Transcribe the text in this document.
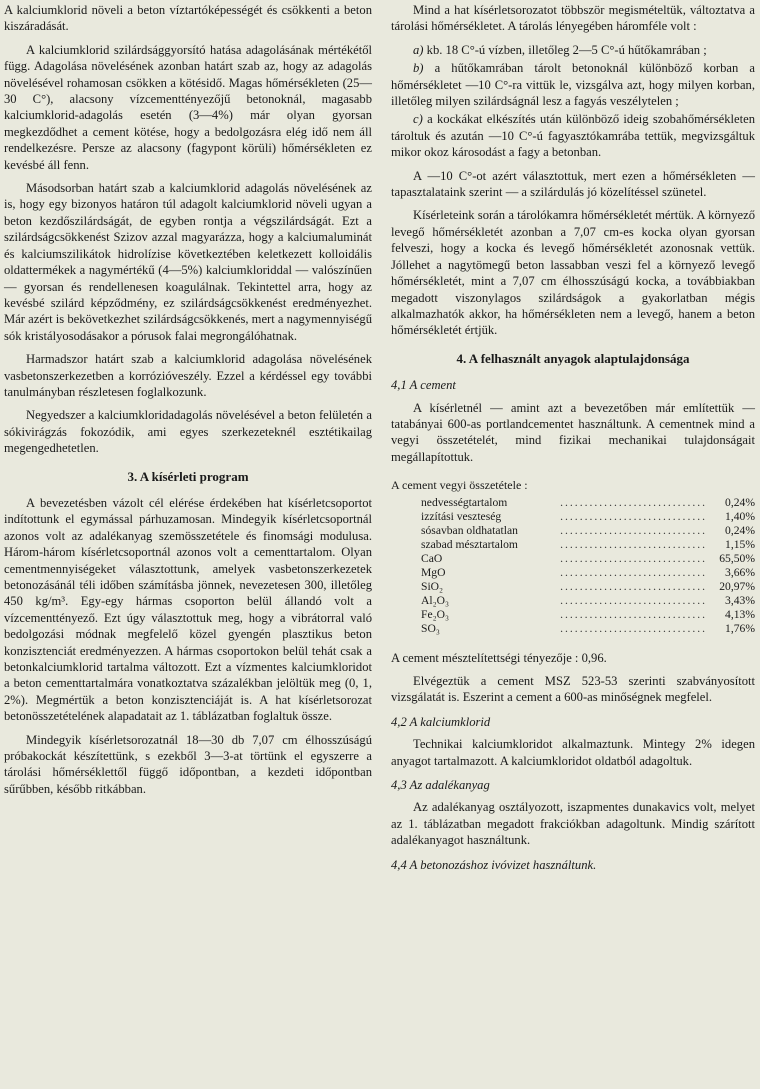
A kalciumklorid növeli a beton víztartóképességét és csökkenti a beton kiszáradását.

A kalciumklorid szilárdsággyorsító hatása adagolásának mértékétől függ. Adagolása növelésének azonban határt szab az, hogy az adagolás növelésével rohamosan csökken a kötésidő. Magas hőmérsékleten (25—30 C°), alacsony vízcementtényezőjű betonoknál, magasabb kalciumklorid-adagolás esetén (3—4%) már olyan gyorsan megkezdődhet a cement kötése, hogy a bedolgozásra elég idő nem áll rendelkezésre. Persze az alacsony (fagypont körüli) hőmérsékleten ez kevésbé áll fenn.

Másodsorban határt szab a kalciumklorid adagolás növelésének az is, hogy egy bizonyos határon túl adagolt kalciumklorid növeli ugyan a beton kezdőszilárdságát, de egyben rontja a végszilárdságát. Ezt a szilárdságcsökkenést Szizov azzal magyarázza, hogy a kalciumaluminát és kalciumszilikátok hidrolízise következtében keletkezett kolloidális oldattermékek a nagymértékű (4—5%) kalciumkloriddal — valószínűen — gyorsan és rendellenesen koagulálnak. Tekintettel arra, hogy az kevésbé szilárd képződmény, ez szilárdságcsökkenést eredményezhet. Már azért is bekövetkezhet szilárdságcsökkenés, mert a nagymennyiségű sók kristályosodásakor a pórusok falai megrongálóhatnak.

Harmadszor határt szab a kalciumklorid adagolása növelésének vasbetonszerkezetben a korrózióveszély. Ezzel a kérdéssel egy további tanulmányban részletesen foglalkozunk.

Negyedszer a kalciumkloridadagolás növelésével a beton felületén a sókivirágzás fokozódik, ami egyes szerkezeteknél esztétikailag megengedhetetlen.

3. A kísérleti program

A bevezetésben vázolt cél elérése érdekében hat kísérletcsoportot indítottunk el egymással párhuzamosan. Mindegyik kísérletcsoportnál azonos volt az adalékanyag szemösszetétele és finomsági modulusa. Három-három kísérletcsoportnál azonos volt a cementtartalom. Olyan cementmennyiségeket választottunk, amelyek vasbetonszerkezetek betonozásánál téli időben számításba jönnek, nevezetesen 300, illetőleg 450 kg/m³. Egy-egy hármas csoporton belül állandó volt a vízcementtényező. Ezt úgy választottuk meg, hogy a vibrátorral való bedolgozási módnak megfelelő közel gyengén plasztikus beton konzisztenciát eredményezzen. A hármas csoportokon belül tehát csak a betonkalciumklorid tartalma változott. Ezt a vízmentes kalciumkloridot a beton cementtartalmára vonatkoztatva százalékban jelöltük meg (0, 1, 2%). Megmértük a beton konzisztenciáját is. A hat kísérletsorozat betonösszetételének alapadatait az 1. táblázatban foglaltuk össze.

Mindegyik kísérletsorozatnál 18—30 db 7,07 cm élhosszúságú próbakockát készítettünk, s ezekből 3—3-at törtünk el egyszerre a tárolási hőmérséklettől függő időpontban, a kezdeti időpontban sűrűbben, később ritkábban.

Mind a hat kísérletsorozatot többször megismételtük, változtatva a tárolási hőmérsékletet. A tárolás lényegében háromféle volt :

a) kb. 18 C°-ú vízben, illetőleg 2—5 C°-ú hűtőkamrában ;

b) a hűtőkamrában tárolt betonoknál különböző korban a hőmérsékletet —10 C°-ra vittük le, vizsgálva azt, hogy milyen korban, illetőleg milyen szilárdságnál lesz a fagyás veszélytelen ;

c) a kockákat elkészítés után különböző ideig szobahőmérsékleten tároltuk és azután —10 C°-ú fagyasztókamrába tettük, megvizsgáltuk mikor okoz károsodást a fagy a betonban.

A —10 C°-ot azért választottuk, mert ezen a hőmérsékleten — tapasztalataink szerint — a szilárdulás jó közelítéssel szünetel.

Kísérleteink során a tárolókamra hőmérsékletét mértük. A környező levegő hőmérsékletét azonban a 7,07 cm-es kocka olyan gyorsan felveszi, hogy a kocka és levegő hőmérsékletét azonosnak vettük. Jóllehet a nagytömegű beton lassabban veszi fel a környező levegő hőmérsékletét, mint a 7,07 cm élhosszúságú kocka, a továbbiakban megadott viszonylagos szilárdságok a gyakorlatban mégis alkalmazhatók akkor, ha hőmérsékleten nem a levegő, hanem a beton hőmérsékletét értjük.

4. A felhasznált anyagok alaptulajdonsága
4,1 A cement

A kísérletnél — amint azt a bevezetőben már említettük — tatabányai 600-as portlandcementet használtunk. A cementnek mind a vegyi összetételét, mind fizikai mechanikai tulajdonságait megállapítottuk.

A cement vegyi összetétele :
nedvességtartalom	..............................	0,24%
izzítási veszteség	..............................	1,40%
sósavban oldhatatlan	..............................	0,24%
szabad mésztartalom	..............................	1,15%
CaO	..............................	65,50%
MgO	..............................	3,66%
SiO₂	..............................	20,97%
Al₂O₃	..............................	3,43%
Fe₂O₃	..............................	4,13%
SO₃	..............................	1,76%

A cement mésztelítettségi tényezője : 0,96.

Elvégeztük a cement MSZ 523-53 szerinti szabványosított vizsgálatát is. Eszerint a cement a 600-as minőségnek megfelel.

4,2 A kalciumklorid

Technikai kalciumkloridot alkalmaztunk. Mintegy 2% idegen anyagot tartalmazott. A kalciumkloridot oldatból adagoltuk.

4,3 Az adalékanyag

Az adalékanyag osztályozott, iszapmentes dunakavics volt, melyet az 1. táblázatban megadott frakciókban adagoltunk. Mindig szárított adalékanyagot használtunk.

4,4 A betonozáshoz ivóvizet használtunk.
